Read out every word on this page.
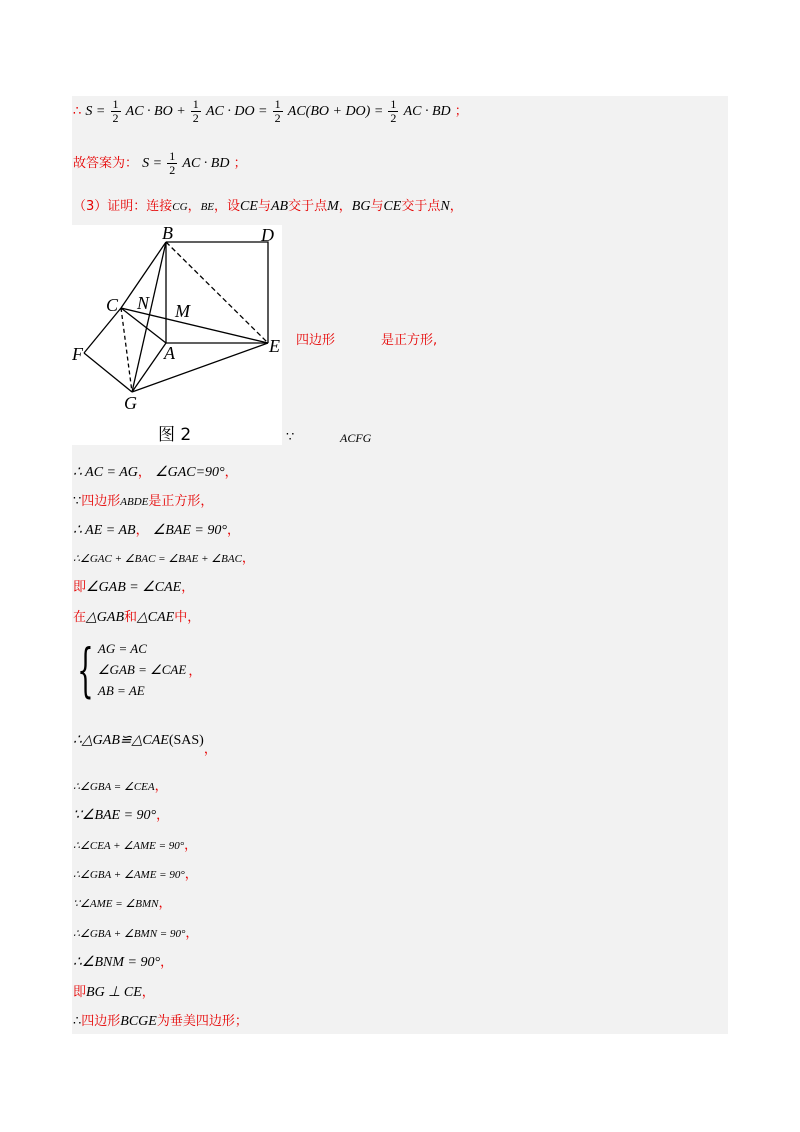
∴ $S = \frac{1}{2}$ AC · BO + $\frac{1}{2}$ AC · DO = $\frac{1}{2} AC(BO + DO) = \frac{1}{2}$ AC · BD ；
故答案为： $S = \frac{1}{2}$ AC · BD ；
（3）证明：连接CG，BE，设CE与AB交于点M，BG与CE交于点N，
B	D
C N M
F	A	E
G
图 2
四边形	是正方形,
∵	ACFG
∴ AC = AG， ∠GAC=90°，
∵四边形ABDE是正方形，
∴ AE = AB， ∠BAE = 90°，
∴∠GAC + ∠BAC = ∠BAE + ∠BAC，
即∠GAB = ∠CAE，
在△GAB和△CAE中，
{ AG = AC
∠GAB = ∠CAE
AB = AE
，
∴△GAB≌△CAE(SAS)，
∴∠GBA = ∠CEA，
∵∠BAE = 90°，
∴∠CEA + ∠AME = 90°，
∴∠GBA + ∠AME = 90°，
∵∠AME = ∠BMN，
∴∠GBA + ∠BMN = 90°，
∴∠BNM = 90°，
即BG ⊥ CE，
∴四边形BCGE为垂美四边形；
